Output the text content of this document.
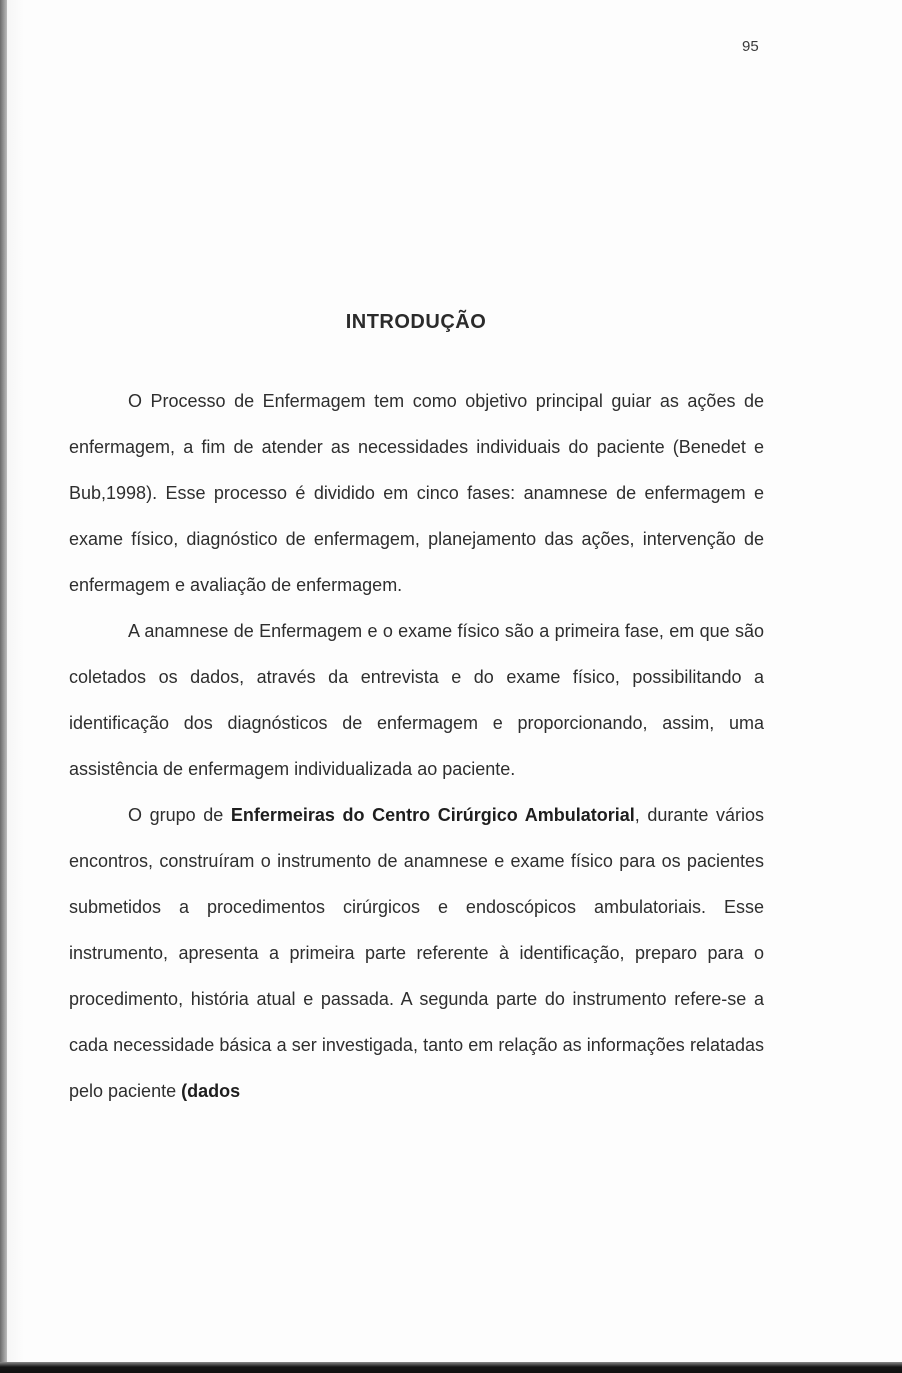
95
INTRODUÇÃO

O Processo de Enfermagem tem como objetivo principal guiar as ações de enfermagem, a fim de atender as necessidades individuais do paciente (Benedet e Bub,1998). Esse processo é dividido em cinco fases: anamnese de enfermagem e exame físico, diagnóstico de enfermagem, planejamento das ações, intervenção de enfermagem e avaliação de enfermagem.

A anamnese de Enfermagem e o exame físico são a primeira fase, em que são coletados os dados, através da entrevista e do exame físico, possibilitando a identificação dos diagnósticos de enfermagem e proporcionando, assim, uma assistência de enfermagem individualizada ao paciente.

O grupo de Enfermeiras do Centro Cirúrgico Ambulatorial, durante vários encontros, construíram o instrumento de anamnese e exame físico para os pacientes submetidos a procedimentos cirúrgicos e endoscópicos ambulatoriais. Esse instrumento, apresenta a primeira parte referente à identificação, preparo para o procedimento, história atual e passada. A segunda parte do instrumento refere-se a cada necessidade básica a ser investigada, tanto em relação as informações relatadas pelo paciente (dados
